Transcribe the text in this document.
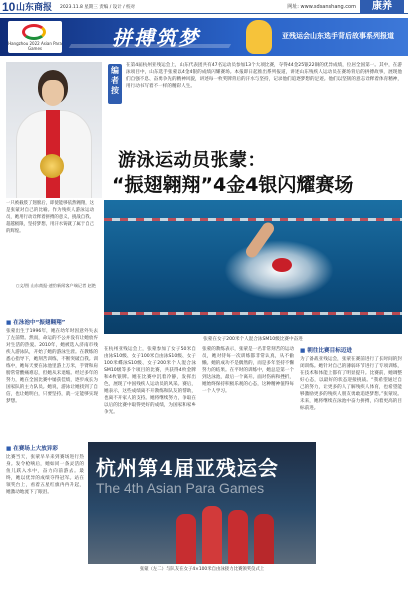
10 山东商报 2023.11.8 星期三 责编 / 设计 / 校对	网址: www.sdsanshang.com	康养
Hangzhou 2022 Asian Para Games	拼搏筑梦	亚残运会山东选手背后故事系列报道
编者按
在第4届杭州亚残运会上，山东代表团共有47名运动员参加13个大项比赛，夺得44金25银22铜的优异成绩，位居全国第一。其中，在游泳项目中，山东选手张蒙以4金4银的成绩闪耀赛场。本报即日起推出系列报道，讲述山东残疾人运动员在赛场背后的拼搏故事，展现他们自强不息、奋勇争先的精神风貌，讲述每一枚奖牌背后的汗水与坚持，记录他们追逐梦想的足迹。他们以坚韧的意志诠释着体育精神，用行动书写着不一样的精彩人生。
游泳运动员张蒙：
“振翅翱翔”4金4银闪耀赛场
一只被截肢了翅膀后，即使能够依然翱翔，这是张蒙对自己的比喻。作为残疾人游泳运动员，她用行动诠释着拼搏的意义，挑战自我、超越极限，坚持梦想，用汗水铸就了属于自己的辉煌。
○文/图 山东商报·速豹新闻客户端记者 赵艳
张蒙在女子200米个人混合泳SM10级比赛中奋进
■ 在泳池中“振翅翱翔”
张蒙出生于1996年，她在幼年时因意外失去了左前臂。然而，命运的不公并没有让她放弃对生活的热爱。2010年，她被选入济南市残疾人游泳队，开始了她的游泳生涯。在教练的悉心指导下，她刻苦训练，不断突破自我。训练中，她每天要在泳池里游上万米，手臂和肩膀常常酸痛难忍，但她从未退缩。经过多年的努力，她在全国比赛中屡获佳绩，逐步成长为国家队的主力队员。她说，游泳让她找到了自信，也让她明白，只要坚持，就一定能够实现梦想。
在杭州亚残运会上，张蒙参加了女子50米自由泳S10级、女子100米自由泳S10级、女子100米蝶泳S10级、女子200米个人混合泳SM10级等多个项目的比赛，共获得4枚金牌和4枚银牌。她在比赛中沉着冷静，发挥出色，展现了中国残疾人运动员的风采。赛后，她表示，这些成绩离不开教练和队友的帮助，也离不开家人的支持。她将继续努力，争取在以后的比赛中取得更好的成绩，为国家和家乡争光。
张蒙的教练表示，张蒙是一名非常刻苦的运动员，她对待每一次训练都非常认真，从不偷懒。她的成功不是偶然的，而是多年坚持不懈努力的结果。在平时的训练中，她总是第一个到达泳池，最后一个离开。面对伤病和挫折，她始终保持积极乐观的心态，这种精神值得每一个人学习。
■ 朝往比赛目标迈进
为了备战亚残运会，张蒙在赛前进行了长时间的封闭训练。她针对自己的薄弱环节进行了专项训练，在技术和体能上都有了明显提升。比赛前，她调整好心态，以最好的状态迎接挑战。“我希望通过自己的努力，让更多的人了解残疾人体育，也希望能够激励更多的残疾人朋友勇敢追逐梦想。”张蒙说。未来，她将继续在泳池中奋力拼搏，向着更高的目标前进。
■ 在赛场上大放异彩
比赛当天，张蒙早早来到赛场进行热身。发令枪响后，她如同一条灵活的鱼儿跃入水中，奋力向前游去。最终，她以优异的成绩夺得冠军。站在领奖台上，看着五星红旗冉冉升起，她激动地流下了眼泪。
杭州第4届亚残运会
The 4th Asian Para Games
张蒙（左二）与队友在女子4×100米自由泳接力比赛颁奖仪式上
